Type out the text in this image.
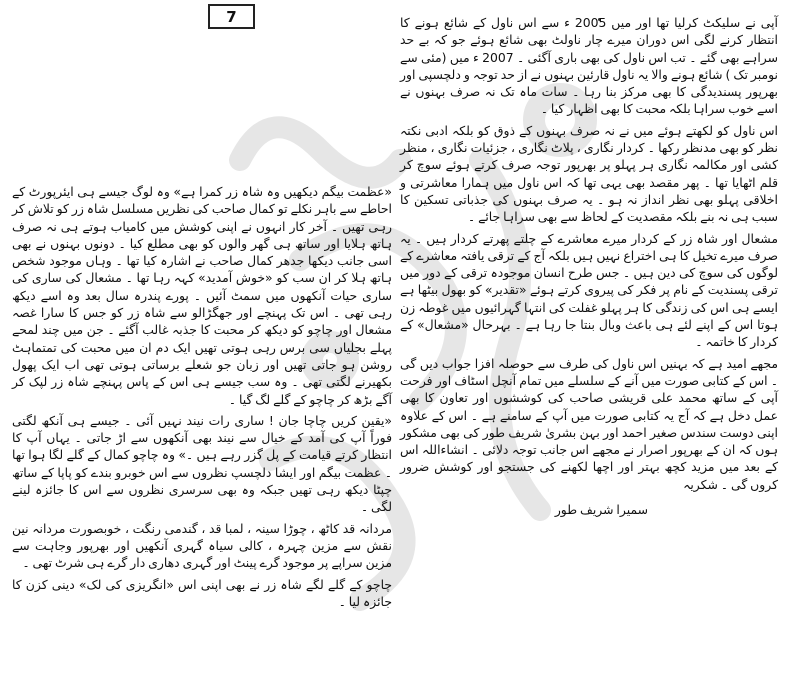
7	آپی نے سلیکٹ کرلیا تھا اور میں 2005 ء سے اس ناول کے شائع ہونے کا انتظار کرنے لگی اس دوران میرے چار ناولٹ بھی شائع ہوئے جو کہ بے حد سراہے بھی گئے ۔ تب اس ناول کی بھی باری آگئی ۔ 2007 ء میں (مئی سے نومبر تک ) شائع ہونے والا یہ ناول قارئین بہنوں نے از حد توجہ و دلچسپی اور بھرپور پسندیدگی کا بھی مرکز بنا رہا ۔ سات ماہ تک نہ صرف بہنوں نے اسے خوب سراہا بلکہ محبت کا بھی اظہار کیا ۔

اس ناول کو لکھتے ہوئے میں نے نہ صرف بہنوں کے ذوق کو بلکہ ادبی نکتہ نظر کو بھی مدنظر رکھا ۔ کردار نگاری ، پلاٹ نگاری ، جزئیات نگاری ، منظر کشی اور مکالمہ نگاری ہر پہلو پر بھرپور توجہ صرف کرتے ہوئے سوچ کر قلم اٹھایا تھا ۔ پھر مقصد بھی یہی تھا کہ اس ناول میں ہمارا معاشرتی و اخلاقی پہلو بھی نظر انداز نہ ہو ۔ یہ صرف بہنوں کی جذباتی تسکین کا سبب ہی نہ بنے بلکہ مقصدیت کے لحاظ سے بھی سراہا جائے ۔

مشعال اور شاہ زر کے کردار میرے معاشرے کے چلتے پھرتے کردار ہیں ۔ یہ صرف میرے تخیل کا ہی اختراع نہیں ہیں بلکہ آج کے ترقی یافتہ معاشرے کے لوگوں کی سوچ کی دین ہیں ۔ جس طرح انسان موجودہ ترقی کے دور میں ترقی پسندیت کے نام پر فکر کی پیروی کرتے ہوئے «تقدیر» کو بھول بیٹھا ہے ایسے ہی اس کی زندگی کا ہر پہلو غفلت کی انتہا گہرائیوں میں غوطہ زن ہوتا اس کے اپنے لئے ہی باعث وبال بنتا جا رہا ہے ۔ بہرحال «مشعال» کے کردار کا خاتمہ ۔

مجھے امید ہے کہ بہنیں اس ناول کی طرف سے حوصلہ افزا جواب دیں گی ۔ اس کے کتابی صورت میں آنے کے سلسلے میں تمام آنچل اسٹاف اور فرحت آپی کے ساتھ محمد علی قریشی صاحب کی کوششوں اور تعاون کا بھی عمل دخل ہے کہ آج یہ کتابی صورت میں آپ کے سامنے ہے ۔ اس کے علاوہ اپنی دوست سندس صغیر احمد اور بہن بشریٰ شریف طور کی بھی مشکور ہوں کہ ان کے بھرپور اصرار نے مجھے اس جانب توجہ دلائی ۔ انشاءاللہ اس کے بعد میں مزید کچھ بہتر اور اچھا لکھنے کی جستجو اور کوشش ضرور کروں گی ۔ شکریہ

سمیرا شریف طور

«عظمت بیگم دیکھیں وہ شاہ زر کمرا ہے» وہ لوگ جیسے ہی ایئرپورٹ کے احاطے سے باہر نکلے تو کمال صاحب کی نظریں مسلسل شاہ زر کو تلاش کر رہی تھیں ۔ آخر کار انہوں نے اپنی کوشش میں کامیاب ہوتے ہی نہ صرف ہاتھ ہلایا اور ساتھ ہی گھر والوں کو بھی مطلع کیا ۔ دونوں بہنوں نے بھی اسی جانب دیکھا جدھر کمال صاحب نے اشارہ کیا تھا ۔ وہاں موجود شخص ہاتھ ہلا کر ان سب کو «خوش آمدید» کہہ رہا تھا ۔ مشعال کی ساری کی ساری حیات آنکھوں میں سمٹ آئیں ۔ پورے پندرہ سال بعد وہ اسے دیکھ رہی تھی ۔ اس تک پہنچے اور جھگڑالو سے شاہ زر کو جس کا سارا غصہ مشعال اور چاچو کو دیکھ کر محبت کا جذبہ غالب آگئے ۔ جن میں چند لمحے پہلے بجلیاں سی برس رہی ہوتی تھیں ایک دم ان میں محبت کی تمتماہٹ روشن ہو جاتی تھیں اور زبان جو شعلے برساتی ہوتی تھی اب ایک پھول بکھیرنے لگتی تھی ۔ وہ سب جیسے ہی اس کے پاس پہنچے شاہ زر لپک کر آگے بڑھ کر چاچو کے گلے لگ گیا ۔

«یقین کریں چاچا جان ! ساری رات نیند نہیں آئی ۔ جیسے ہی آنکھ لگتی فوراً آپ کی آمد کے خیال سے نیند بھی آنکھوں سے اڑ جاتی ۔ یہاں آپ کا انتظار کرتے قیامت کے پل گزر رہے ہیں ۔» وہ چاچو کمال کے گلے لگا ہوا تھا ۔ عظمت بیگم اور ایشا دلچسپ نظروں سے اس خوبرو بندے کو پاپا کے ساتھ چپٹا دیکھ رہی تھیں جبکہ وہ بھی سرسری نظروں سے اس کا جائزہ لینے لگی ۔

مردانہ قد کاٹھ ، چوڑا سینہ ، لمبا قد ، گندمی رنگت ، خوبصورت مردانہ نین نقش سے مزین چہرہ ، کالی سیاہ گہری آنکھیں اور بھرپور وجاہت سے مزین سراپے پر موجود گرے پینٹ اور گہری دھاری دار گرے ہی شرٹ تھی ۔

چاچو کے گلے لگے شاہ زر نے بھی اپنی اس «انگریزی کی لک» دینی کزن کا جائزہ لیا ۔
